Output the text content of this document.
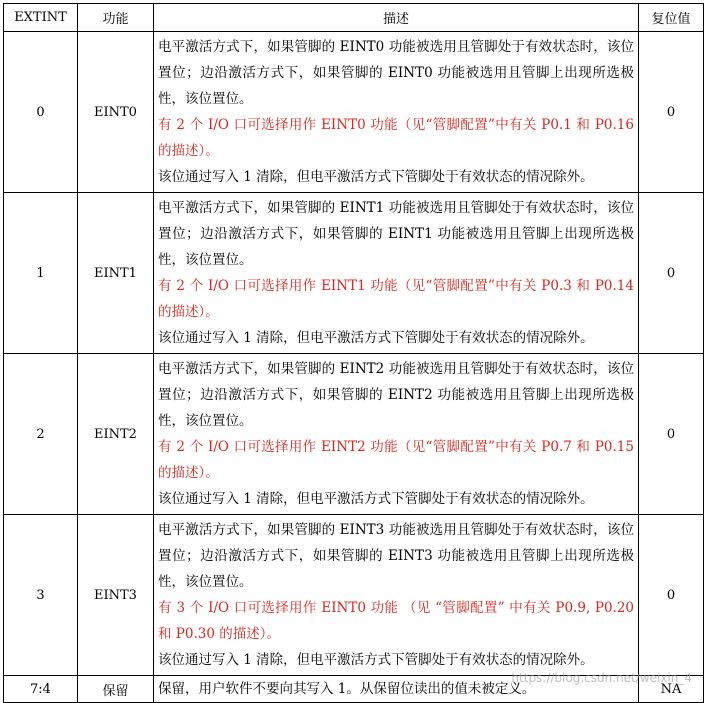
EXTINT	功能	描述	复位值
0	EINT0	电平激活方式下，如果管脚的 EINT0 功能被选用且管脚处于有效状态时，该位置位；边沿激活方式下，如果管脚的 EINT0 功能被选用且管脚上出现所选极性，该位置位。
有 2 个 I/O 口可选择用作 EINT0 功能（见“管脚配置”中有关 P0.1 和 P0.16 的描述）。
该位通过写入 1 清除，但电平激活方式下管脚处于有效状态的情况除外。	0
1	EINT1	电平激活方式下，如果管脚的 EINT1 功能被选用且管脚处于有效状态时，该位置位；边沿激活方式下，如果管脚的 EINT1 功能被选用且管脚上出现所选极性，该位置位。
有 2 个 I/O 口可选择用作 EINT1 功能（见“管脚配置”中有关 P0.3 和 P0.14 的描述）。
该位通过写入 1 清除，但电平激活方式下管脚处于有效状态的情况除外。	0
2	EINT2	电平激活方式下，如果管脚的 EINT2 功能被选用且管脚处于有效状态时，该位置位；边沿激活方式下，如果管脚的 EINT2 功能被选用且管脚上出现所选极性，该位置位。
有 2 个 I/O 口可选择用作 EINT2 功能（见“管脚配置”中有关 P0.7 和 P0.15 的描述）。
该位通过写入 1 清除，但电平激活方式下管脚处于有效状态的情况除外。	0
3	EINT3	电平激活方式下，如果管脚的 EINT3 功能被选用且管脚处于有效状态时，该位置位；边沿激活方式下，如果管脚的 EINT3 功能被选用且管脚上出现所选极性，该位置位。
有 3 个 I/O 口可选择用作 EINT0 功能 （见 “管脚配置” 中有关 P0.9, P0.20 和 P0.30 的描述）。
该位通过写入 1 清除，但电平激活方式下管脚处于有效状态的情况除外。	0
7:4	保留	保留，用户软件不要向其写入 1。从保留位读出的值未被定义。	NA
https://blog.csdn.net/weixin_4
